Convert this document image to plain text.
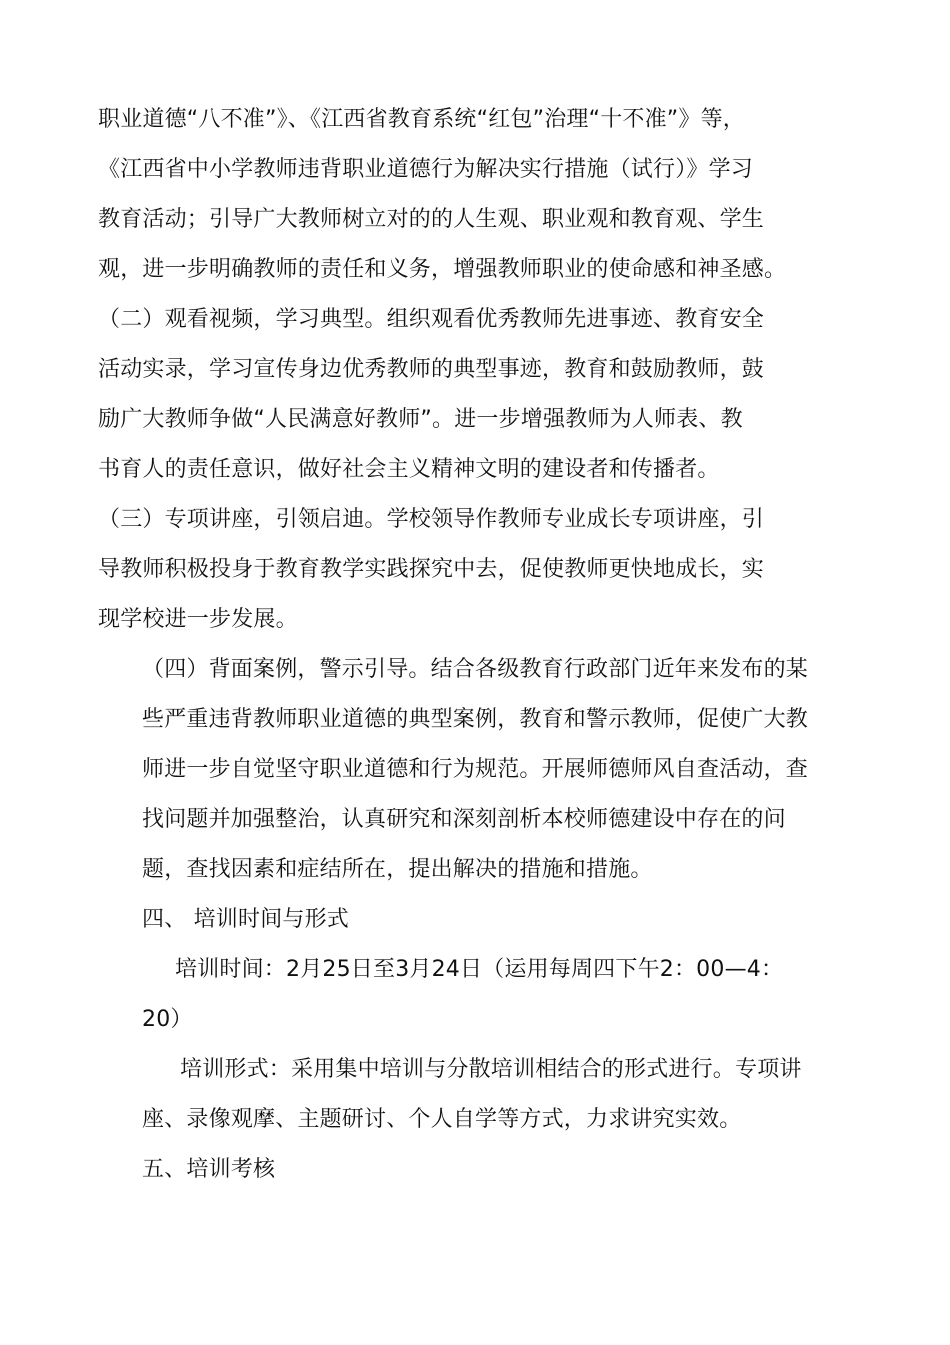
职业道德“八不准”》、《江西省教育系统“红包”治理“十不准”》等，

《江西省中小学教师违背职业道德行为解决实行措施（试行）》学习

教育活动；引导广大教师树立对的的人生观、职业观和教育观、学生

观，进一步明确教师的责任和义务，增强教师职业的使命感和神圣感。

（二）观看视频，学习典型。组织观看优秀教师先进事迹、教育安全

活动实录，学习宣传身边优秀教师的典型事迹，教育和鼓励教师，鼓

励广大教师争做“人民满意好教师”。进一步增强教师为人师表、教

书育人的责任意识，做好社会主义精神文明的建设者和传播者。

（三）专项讲座，引领启迪。学校领导作教师专业成长专项讲座，引

导教师积极投身于教育教学实践探究中去，促使教师更快地成长，实

现学校进一步发展。

（四）背面案例，警示引导。结合各级教育行政部门近年来发布的某

些严重违背教师职业道德的典型案例，教育和警示教师，促使广大教

师进一步自觉坚守职业道德和行为规范。开展师德师风自查活动，查

找问题并加强整治，认真研究和深刻剖析本校师德建设中存在的问

题，查找因素和症结所在，提出解决的措施和措施。

四、 培训时间与形式

培训时间：2月25日至3月24日（运用每周四下午2：00—4：

20）

培训形式：采用集中培训与分散培训相结合的形式进行。专项讲

座、录像观摩、主题研讨、个人自学等方式，力求讲究实效。

五、培训考核
